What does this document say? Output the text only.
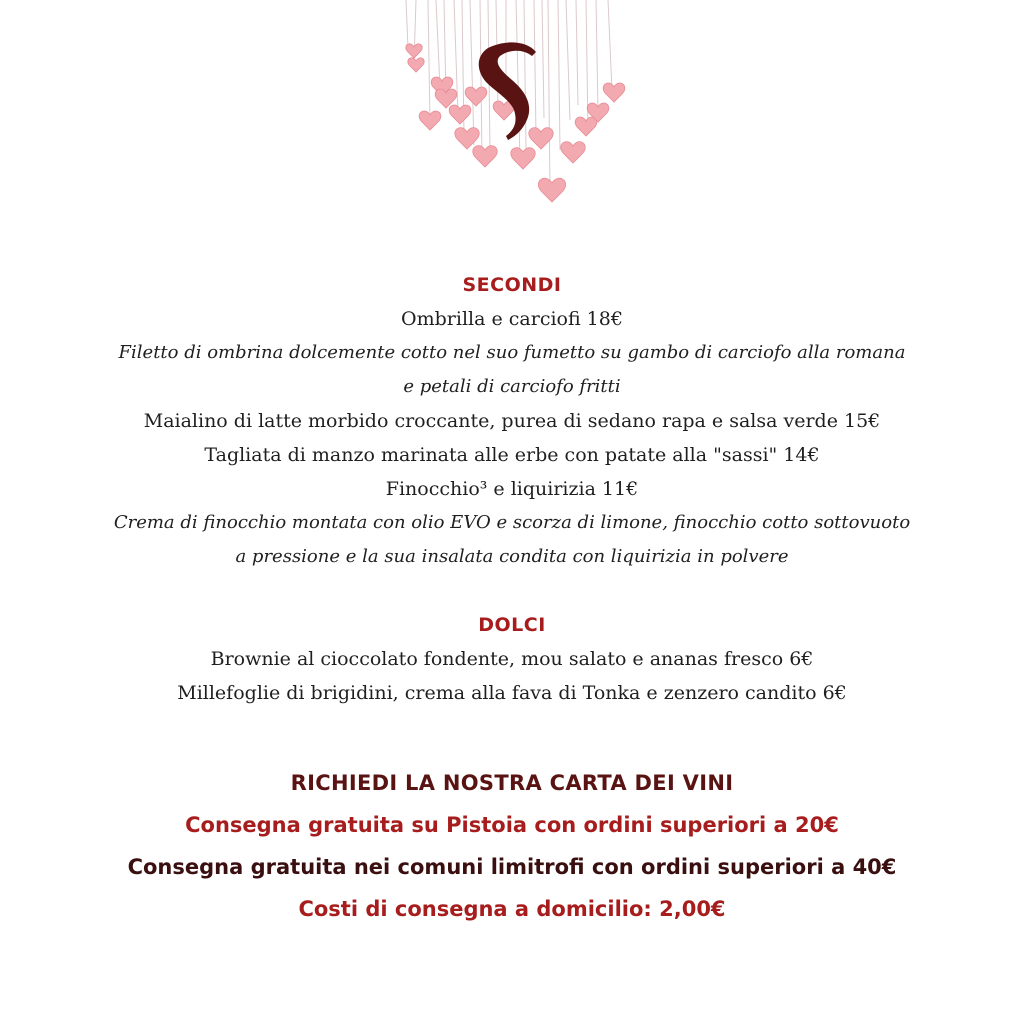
SECONDI
Ombrilla e carciofi 18€
Filetto di ombrina dolcemente cotto nel suo fumetto su gambo di carciofo alla romana
e petali di carciofo fritti
Maialino di latte morbido croccante, purea di sedano rapa e salsa verde 15€
Tagliata di manzo marinata alle erbe con patate alla "sassi" 14€
Finocchio³ e liquirizia 11€
Crema di finocchio montata con olio EVO e scorza di limone, finocchio cotto sottovuoto
a pressione e la sua insalata condita con liquirizia in polvere
DOLCI
Brownie al cioccolato fondente, mou salato e ananas fresco 6€
Millefoglie di brigidini, crema alla fava di Tonka e zenzero candito 6€
RICHIEDI LA NOSTRA CARTA DEI VINI
Consegna gratuita su Pistoia con ordini superiori a 20€
Consegna gratuita nei comuni limitrofi con ordini superiori a 40€
Costi di consegna a domicilio: 2,00€
